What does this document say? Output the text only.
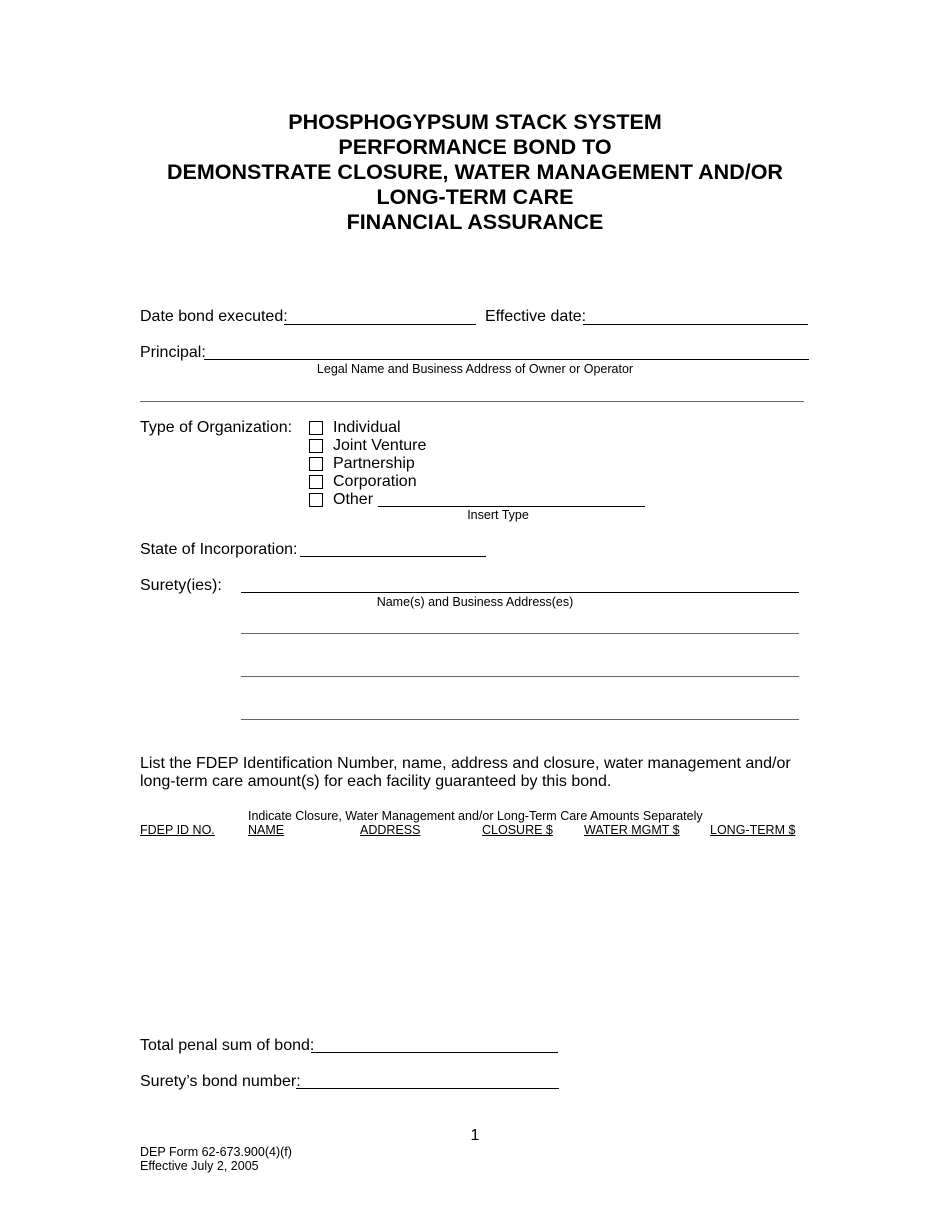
PHOSPHOGYPSUM STACK SYSTEM
PERFORMANCE BOND TO
DEMONSTRATE CLOSURE, WATER MANAGEMENT AND/OR
LONG-TERM CARE
FINANCIAL ASSURANCE
Date bond executed:	Effective date:
Principal:
Legal Name and Business Address of Owner or Operator
Type of Organization:	Individual
Joint Venture
Partnership
Corporation
Other
Insert Type
State of Incorporation:
Surety(ies):
Name(s) and Business Address(es)
List the FDEP Identification Number, name, address and closure, water management and/or
long-term care amount(s) for each facility guaranteed by this bond.
Indicate Closure, Water Management and/or Long-Term Care Amounts Separately
FDEP ID NO.	NAME	ADDRESS	CLOSURE $ WATER MGMT $ LONG-TERM $
Total penal sum of bond:
Surety’s bond number:
1
DEP Form 62-673.900(4)(f)
Effective July 2, 2005
